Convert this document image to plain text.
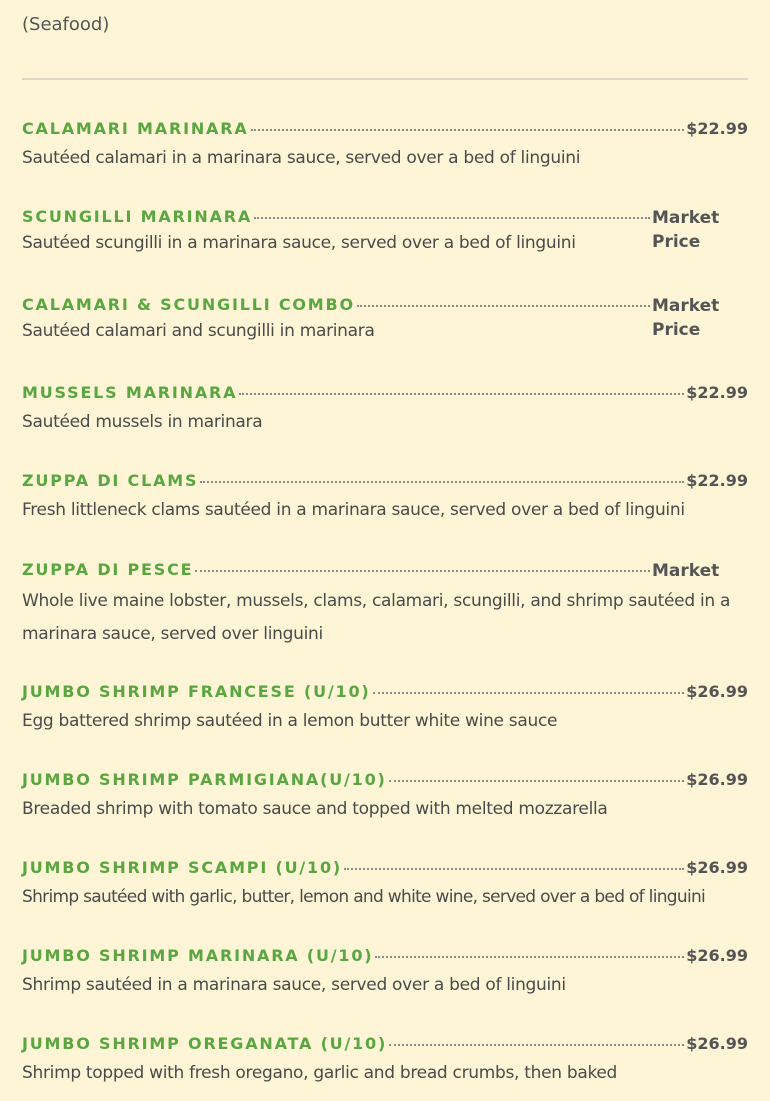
(Seafood)
CALAMARI MARINARA	$22.99
Sautéed calamari in a marinara sauce, served over a bed of linguini
SCUNGILLI MARINARA	Market Price
Sautéed scungilli in a marinara sauce, served over a bed of linguini
CALAMARI & SCUNGILLI COMBO	Market Price
Sautéed calamari and scungilli in marinara
MUSSELS MARINARA	$22.99
Sautéed mussels in marinara
ZUPPA DI CLAMS	$22.99
Fresh littleneck clams sautéed in a marinara sauce, served over a bed of linguini
ZUPPA DI PESCE	Market
Whole live maine lobster, mussels, clams, calamari, scungilli, and shrimp sautéed in a marinara sauce, served over linguini
JUMBO SHRIMP FRANCESE (U/10)	$26.99
Egg battered shrimp sautéed in a lemon butter white wine sauce
JUMBO SHRIMP PARMIGIANA(U/10)	$26.99
Breaded shrimp with tomato sauce and topped with melted mozzarella
JUMBO SHRIMP SCAMPI (U/10)	$26.99
Shrimp sautéed with garlic, butter, lemon and white wine, served over a bed of linguini
JUMBO SHRIMP MARINARA (U/10)	$26.99
Shrimp sautéed in a marinara sauce, served over a bed of linguini
JUMBO SHRIMP OREGANATA (U/10)	$26.99
Shrimp topped with fresh oregano, garlic and bread crumbs, then baked
